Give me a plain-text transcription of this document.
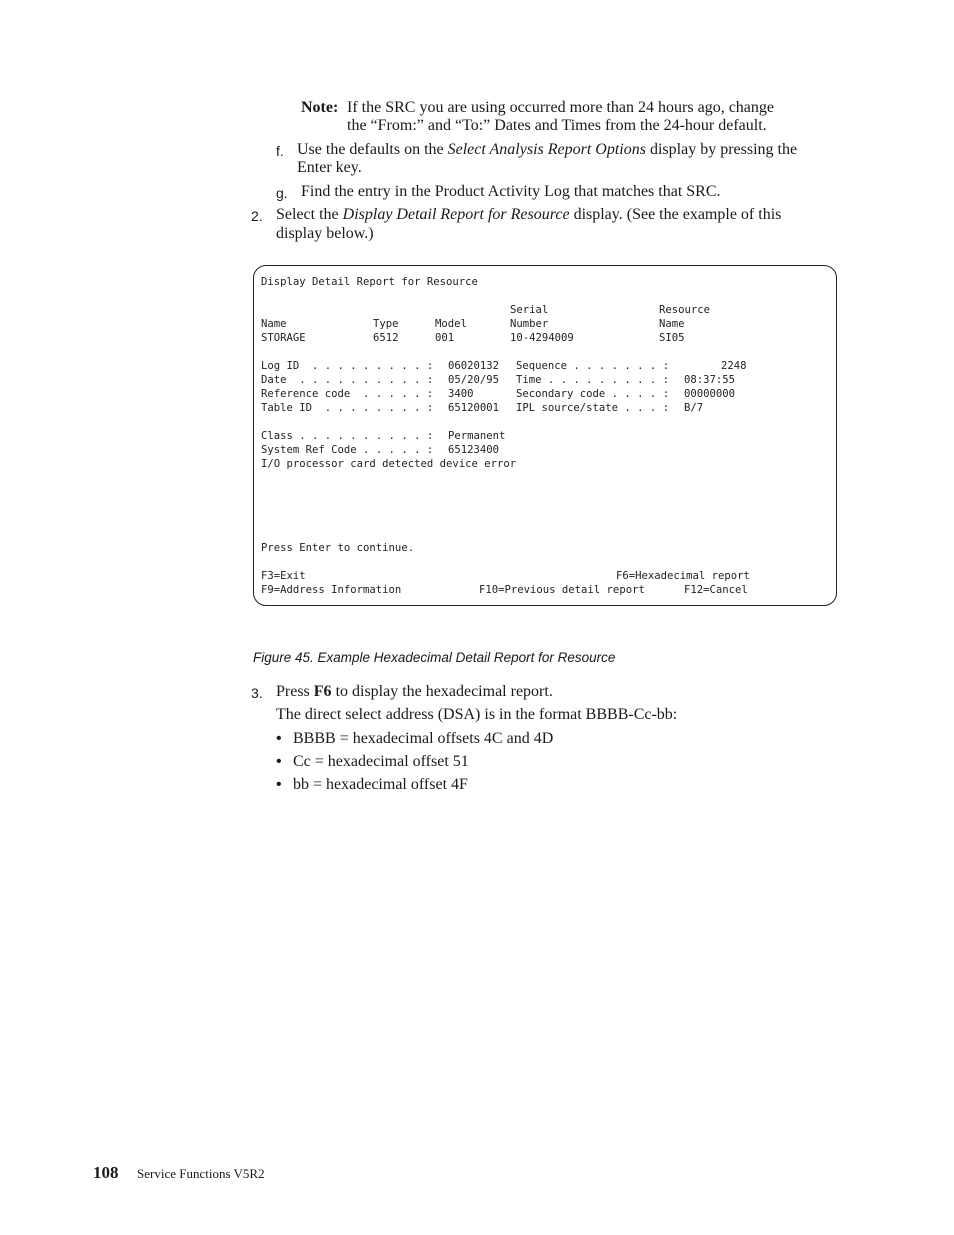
Note: If the SRC you are using occurred more than 24 hours ago, change
the “From:” and “To:” Dates and Times from the 24-hour default.
f. Use the defaults on the Select Analysis Report Options display by pressing the
Enter key.
g. Find the entry in the Product Activity Log that matches that SRC.
2. Select the Display Detail Report for Resource display. (See the example of this
display below.)
Display Detail Report for Resource
Serial	Resource
Name	Type	Model	Number	Name
STORAGE	6512	001	10-4294009	SI05
Log ID  . . . . . . . . . : 06020132 Sequence . . . . . . . :	2248
Date  . . . . . . . . . . : 05/20/95 Time . . . . . . . . . : 08:37:55
Reference code  . . . . . : 3400	Secondary code . . . . : 00000000
Table ID  . . . . . . . . : 65120001 IPL source/state . . . : B/7
Class . . . . . . . . . . : Permanent
System Ref Code . . . . . : 65123400
I/O processor card detected device error
Press Enter to continue.
F3=Exit	F6=Hexadecimal report
F9=Address Information	F10=Previous detail report	F12=Cancel
Figure 45. Example Hexadecimal Detail Report for Resource
3. Press F6 to display the hexadecimal report.
The direct select address (DSA) is in the format BBBB-Cc-bb:
• BBBB = hexadecimal offsets 4C and 4D
• Cc = hexadecimal offset 51
• bb = hexadecimal offset 4F
108 Service Functions V5R2
